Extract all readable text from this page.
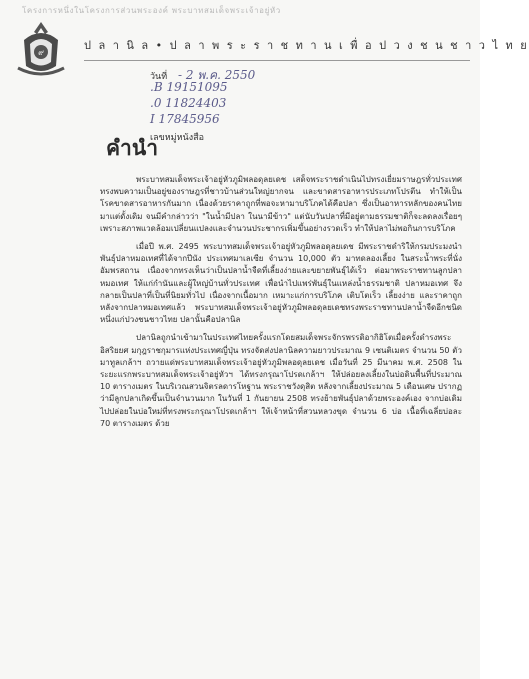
โครงการหนึ่งในโครงการส่วนพระองค์ พระบาทสมเด็จพระเจ้าอยู่หัว
๙
ป ล า นิ ล • ป ล า พ ร ะ ร า ช ท า น เ พื่ อ ป ว ง ช น ช า ว ไ ท ย
วันที่ - 2 พ.ค. 2550
.B 19151095
.0 11824403
I 17845956
เลขหมู่หนังสือ
คำนำ

พระบาทสมเด็จพระเจ้าอยู่หัวภูมิพลอดุลยเดช เสด็จพระราชดำเนินไปทรงเยี่ยมราษฎรทั่วประเทศ ทรงพบความเป็นอยู่ของราษฎรที่ชาวบ้านส่วนใหญ่ยากจน และขาดสารอาหารประเภทโปรตีน ทำให้เป็นโรคขาดสารอาหารกันมาก เนื่องด้วยราคาถูกที่พอจะหามาบริโภคได้คือปลา ซึ่งเป็นอาหารหลักของคนไทยมาแต่ดั้งเดิม จนมีคำกล่าวว่า "ในน้ำมีปลา ในนามีข้าว" แต่นับวันปลาที่มีอยู่ตามธรรมชาติก็จะลดลงเรื่อยๆ เพราะสภาพแวดล้อมเปลี่ยนแปลงและจำนวนประชากรเพิ่มขึ้นอย่างรวดเร็ว ทำให้ปลาไม่พอกินการบริโภค

เมื่อปี พ.ศ. 2495 พระบาทสมเด็จพระเจ้าอยู่หัวภูมิพลอดุลยเดช มีพระราชดำริให้กรมประมงนำพันธุ์ปลาหมอเทศที่ได้จากปีนัง ประเทศมาเลเซีย จำนวน 10,000 ตัว มาทดลองเลี้ยง ในสระน้ำพระที่นั่งอัมพรสถาน เนื่องจากทรงเห็นว่าเป็นปลาน้ำจืดที่เลี้ยงง่ายและขยายพันธุ์ได้เร็ว ต่อมาพระราชทานลูกปลาหมอเทศ ให้แก่กำนันและผู้ใหญ่บ้านทั่วประเทศ เพื่อนำไปแพร่พันธุ์ในแหล่งน้ำธรรมชาติ ปลาหมอเทศ จึงกลายเป็นปลาที่เป็นที่นิยมทั่วไป เนื่องจากเนื้อมาก เหมาะแก่การบริโภค เติบโตเร็ว เลี้ยงง่าย และราคาถูก หลังจากปลาหมอเทศแล้ว พระบาทสมเด็จพระเจ้าอยู่หัวภูมิพลอดุลยเดชทรงพระราชทานปลาน้ำจืดอีกชนิดหนึ่งแก่ปวงชนชาวไทย ปลานั้นคือปลานิล

ปลานิลถูกนำเข้ามาในประเทศไทยครั้งแรกโดยสมเด็จพระจักรพรรดิอากิฮิโตเมื่อครั้งดำรงพระอิสริยยศ มกุฎราชกุมารแห่งประเทศญี่ปุ่น ทรงจัดส่งปลานิลความยาวประมาณ 9 เซนติเมตร จำนวน 50 ตัว มาทูลเกล้าฯ ถวายแด่พระบาทสมเด็จพระเจ้าอยู่หัวภูมิพลอดุลยเดช เมื่อวันที่ 25 มีนาคม พ.ศ. 2508 ในระยะแรกพระบาทสมเด็จพระเจ้าอยู่หัวฯ ได้ทรงกรุณาโปรดเกล้าฯ ให้ปล่อยลงเลี้ยงในบ่อดินพื้นที่ประมาณ 10 ตารางเมตร ในบริเวณสวนจิตรลดารโหฐาน พระราชวังดุสิต หลังจากเลี้ยงประมาณ 5 เดือนเศษ ปรากฏว่ามีลูกปลาเกิดขึ้นเป็นจำนวนมาก ในวันที่ 1 กันยายน 2508 ทรงย้ายพันธุ์ปลาด้วยพระองค์เอง จากบ่อเดิม ไปปล่อยในบ่อใหม่ที่ทรงพระกรุณาโปรดเกล้าฯ ให้เจ้าหน้าที่สวนหลวงขุด จำนวน 6 บ่อ เนื้อที่เฉลี่ยบ่อละ 70 ตารางเมตร ด้วย
